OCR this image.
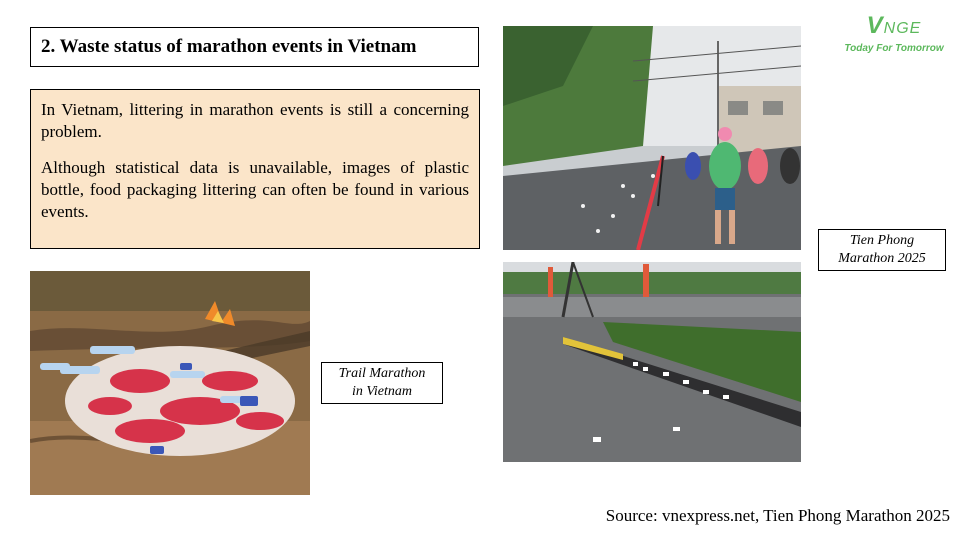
2. Waste status of marathon events in Vietnam

In Vietnam, littering in marathon events is still a concerning problem.

Although statistical data is unavailable, images of plastic bottle, food packaging littering can often be found in various events.

Trail Marathon
in Vietnam
Tien Phong
Marathon 2025
VNGE
Today For Tomorrow
Source: vnexpress.net, Tien Phong Marathon 2025
